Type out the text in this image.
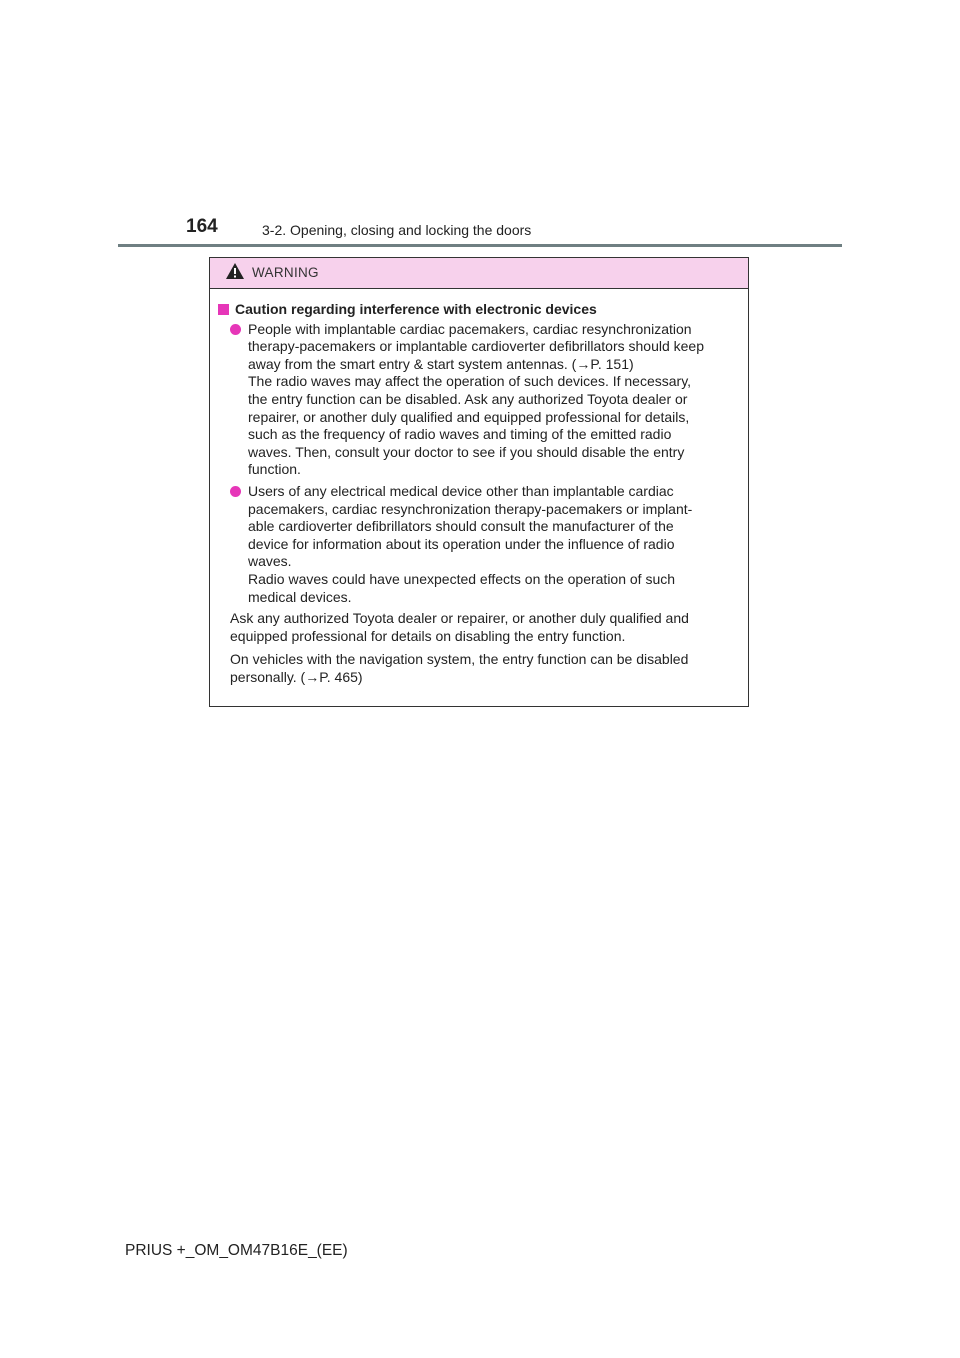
164	3-2. Opening, closing and locking the doors
WARNING
Caution regarding interference with electronic devices
People with implantable cardiac pacemakers, cardiac resynchronization
therapy-pacemakers or implantable cardioverter defibrillators should keep
away from the smart entry & start system antennas. (→P. 151)
The radio waves may affect the operation of such devices. If necessary,
the entry function can be disabled. Ask any authorized Toyota dealer or
repairer, or another duly qualified and equipped professional for details,
such as the frequency of radio waves and timing of the emitted radio
waves. Then, consult your doctor to see if you should disable the entry
function.
Users of any electrical medical device other than implantable cardiac
pacemakers, cardiac resynchronization therapy-pacemakers or implant-
able cardioverter defibrillators should consult the manufacturer of the
device for information about its operation under the influence of radio
waves.
Radio waves could have unexpected effects on the operation of such
medical devices.
Ask any authorized Toyota dealer or repairer, or another duly qualified and
equipped professional for details on disabling the entry function.
On vehicles with the navigation system, the entry function can be disabled
personally. (→P. 465)
PRIUS +_OM_OM47B16E_(EE)
